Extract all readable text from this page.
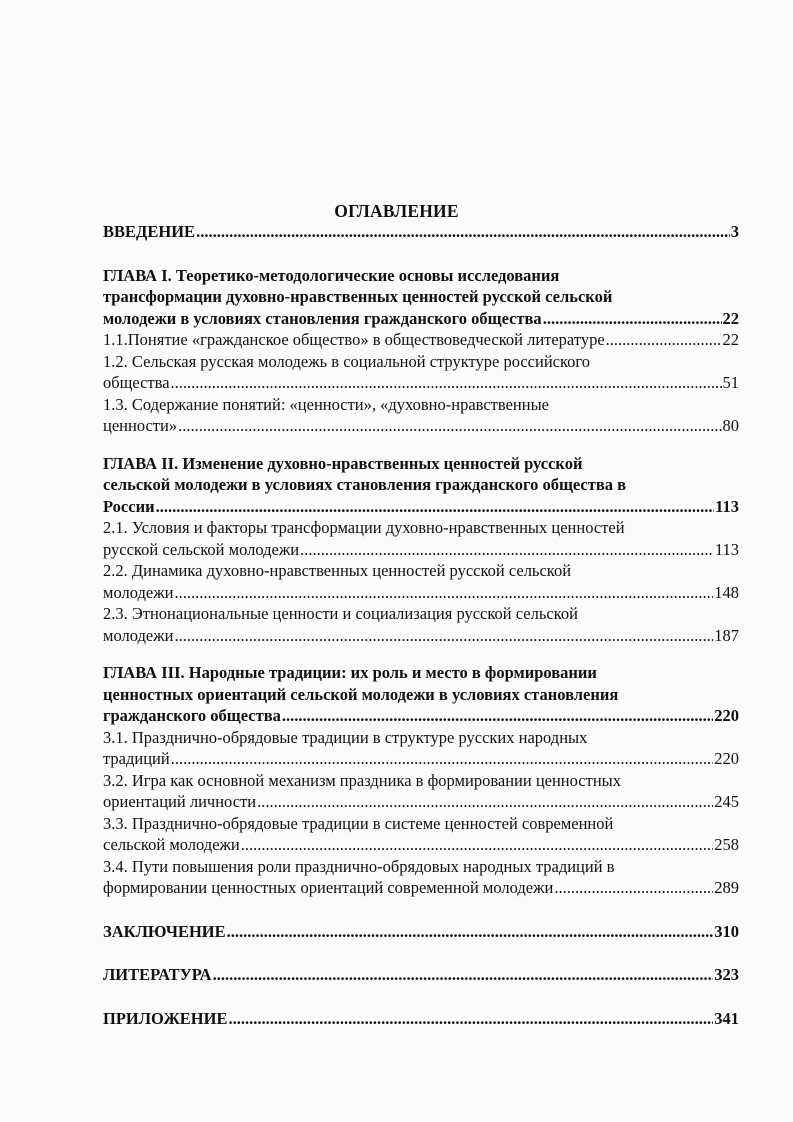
ОГЛАВЛЕНИЕ
ВВЕДЕНИЕ .....	3
ГЛАВА I. Теоретико-методологические основы исследования
трансформации духовно-нравственных ценностей русской сельской
молодежи в условиях становления гражданского общества .....	22
1.1.Понятие «гражданское общество» в обществоведческой литературе .....	22
1.2. Сельская русская молодежь в социальной структуре российского
общества .....	51
1.3. Содержание понятий: «ценности», «духовно-нравственные
ценности» .....	80
ГЛАВА II. Изменение духовно-нравственных ценностей русской
сельской молодежи в условиях становления гражданского общества в
России .....	113
2.1. Условия и факторы трансформации духовно-нравственных ценностей
русской сельской молодежи .....	113
2.2. Динамика духовно-нравственных ценностей русской сельской
молодежи .....	148
2.3. Этнонациональные ценности и социализация русской сельской
молодежи .....	187
ГЛАВА III. Народные традиции: их роль и место в формировании
ценностных ориентаций сельской молодежи в условиях становления
гражданского общества .....	220
3.1. Празднично-обрядовые традиции в структуре русских народных
традиций .....	220
3.2. Игра как основной механизм праздника в формировании ценностных
ориентаций личности .....	245
3.3. Празднично-обрядовые традиции в системе ценностей современной
сельской молодежи .....	258
3.4. Пути повышения роли празднично-обрядовых народных традиций в
формировании ценностных ориентаций современной молодежи .....	289
ЗАКЛЮЧЕНИЕ .....	310
ЛИТЕРАТУРА .....	323
ПРИЛОЖЕНИЕ .....	341
